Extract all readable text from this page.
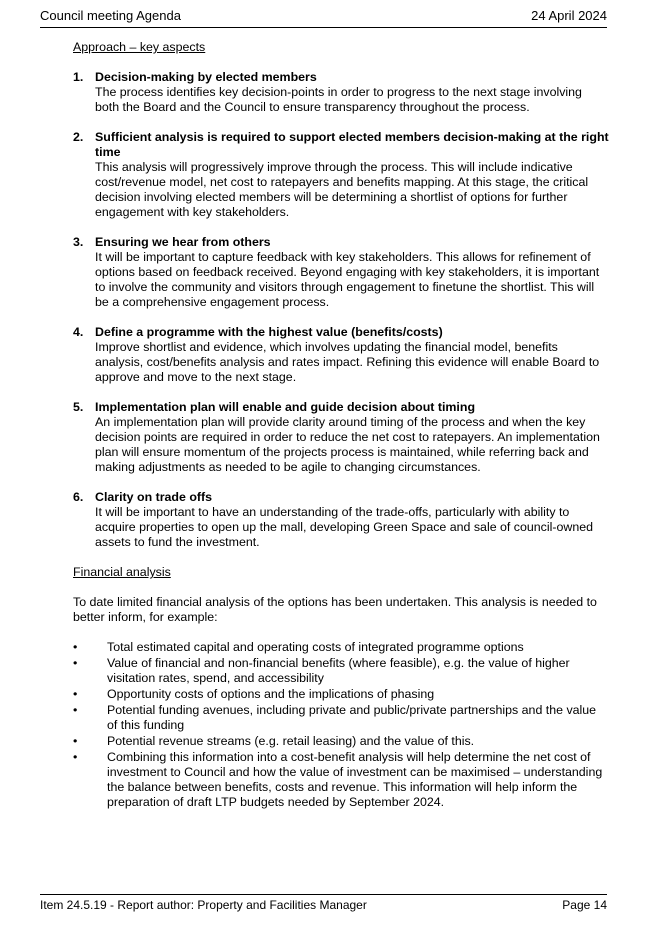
Council meeting Agenda	24 April 2024
Approach – key aspects
1. Decision-making by elected members
The process identifies key decision-points in order to progress to the next stage involving both the Board and the Council to ensure transparency throughout the process.
2. Sufficient analysis is required to support elected members decision-making at the right time
This analysis will progressively improve through the process. This will include indicative cost/revenue model, net cost to ratepayers and benefits mapping. At this stage, the critical decision involving elected members will be determining a shortlist of options for further engagement with key stakeholders.
3. Ensuring we hear from others
It will be important to capture feedback with key stakeholders. This allows for refinement of options based on feedback received. Beyond engaging with key stakeholders, it is important to involve the community and visitors through engagement to finetune the shortlist. This will be a comprehensive engagement process.
4. Define a programme with the highest value (benefits/costs)
Improve shortlist and evidence, which involves updating the financial model, benefits analysis, cost/benefits analysis and rates impact. Refining this evidence will enable Board to approve and move to the next stage.
5. Implementation plan will enable and guide decision about timing
An implementation plan will provide clarity around timing of the process and when the key decision points are required in order to reduce the net cost to ratepayers. An implementation plan will ensure momentum of the projects process is maintained, while referring back and making adjustments as needed to be agile to changing circumstances.
6. Clarity on trade offs
It will be important to have an understanding of the trade-offs, particularly with ability to acquire properties to open up the mall, developing Green Space and sale of council-owned assets to fund the investment.
Financial analysis

To date limited financial analysis of the options has been undertaken. This analysis is needed to better inform, for example:

• Total estimated capital and operating costs of integrated programme options
• Value of financial and non-financial benefits (where feasible), e.g. the value of higher visitation rates, spend, and accessibility
• Opportunity costs of options and the implications of phasing
• Potential funding avenues, including private and public/private partnerships and the value of this funding
• Potential revenue streams (e.g. retail leasing) and the value of this.
• Combining this information into a cost-benefit analysis will help determine the net cost of investment to Council and how the value of investment can be maximised – understanding the balance between benefits, costs and revenue. This information will help inform the preparation of draft LTP budgets needed by September 2024.
Item 24.5.19 - Report author: Property and Facilities Manager	Page 14
